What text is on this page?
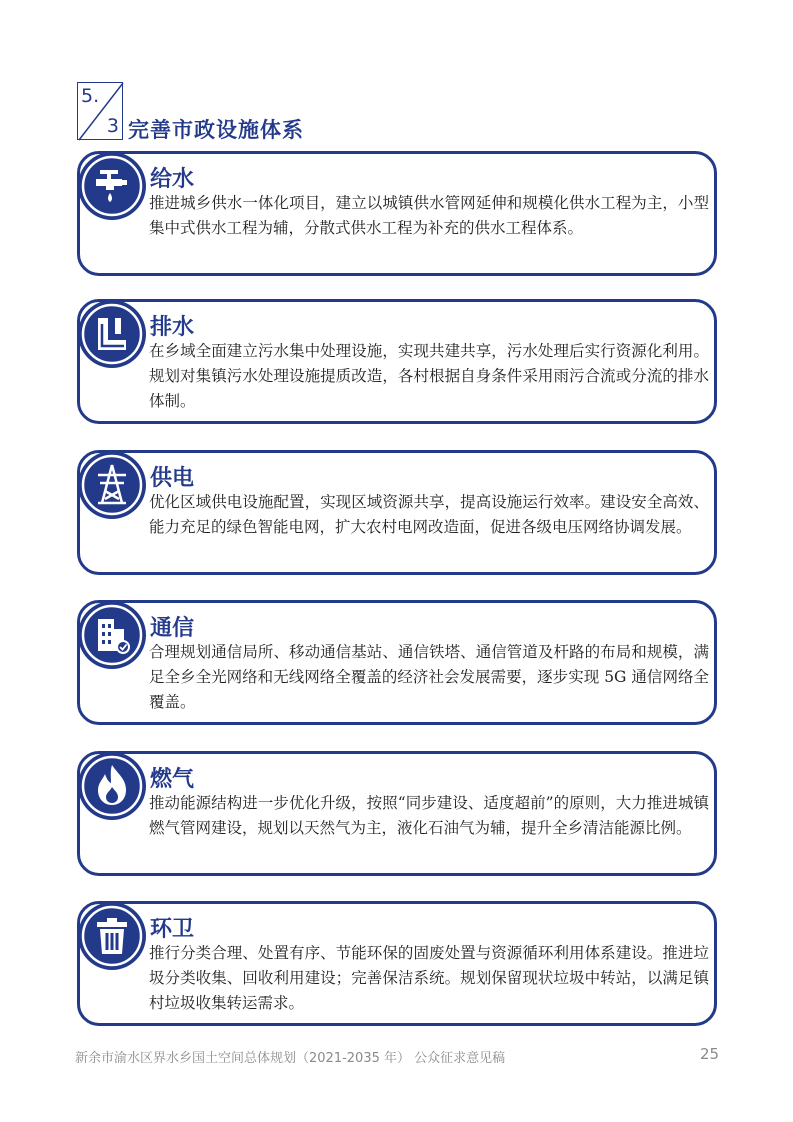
5.
3 完善市政设施体系
给水
推进城乡供水一体化项目，建立以城镇供水管网延伸和规模化供水工程为主，小型集中式供水工程为辅，分散式供水工程为补充的供水工程体系。
排水
在乡域全面建立污水集中处理设施，实现共建共享，污水处理后实行资源化利用。规划对集镇污水处理设施提质改造，各村根据自身条件采用雨污合流或分流的排水体制。
供电
优化区域供电设施配置，实现区域资源共享，提高设施运行效率。建设安全高效、能力充足的绿色智能电网，扩大农村电网改造面，促进各级电压网络协调发展。
通信
合理规划通信局所、移动通信基站、通信铁塔、通信管道及杆路的布局和规模，满足全乡全光网络和无线网络全覆盖的经济社会发展需要，逐步实现 5G 通信网络全覆盖。
燃气
推动能源结构进一步优化升级，按照“同步建设、适度超前”的原则，大力推进城镇燃气管网建设，规划以天然气为主，液化石油气为辅，提升全乡清洁能源比例。
环卫
推行分类合理、处置有序、节能环保的固废处置与资源循环利用体系建设。推进垃圾分类收集、回收利用建设；完善保洁系统。规划保留现状垃圾中转站，以满足镇村垃圾收集转运需求。
新余市渝水区界水乡国土空间总体规划（2021-2035 年） 公众征求意见稿	25
